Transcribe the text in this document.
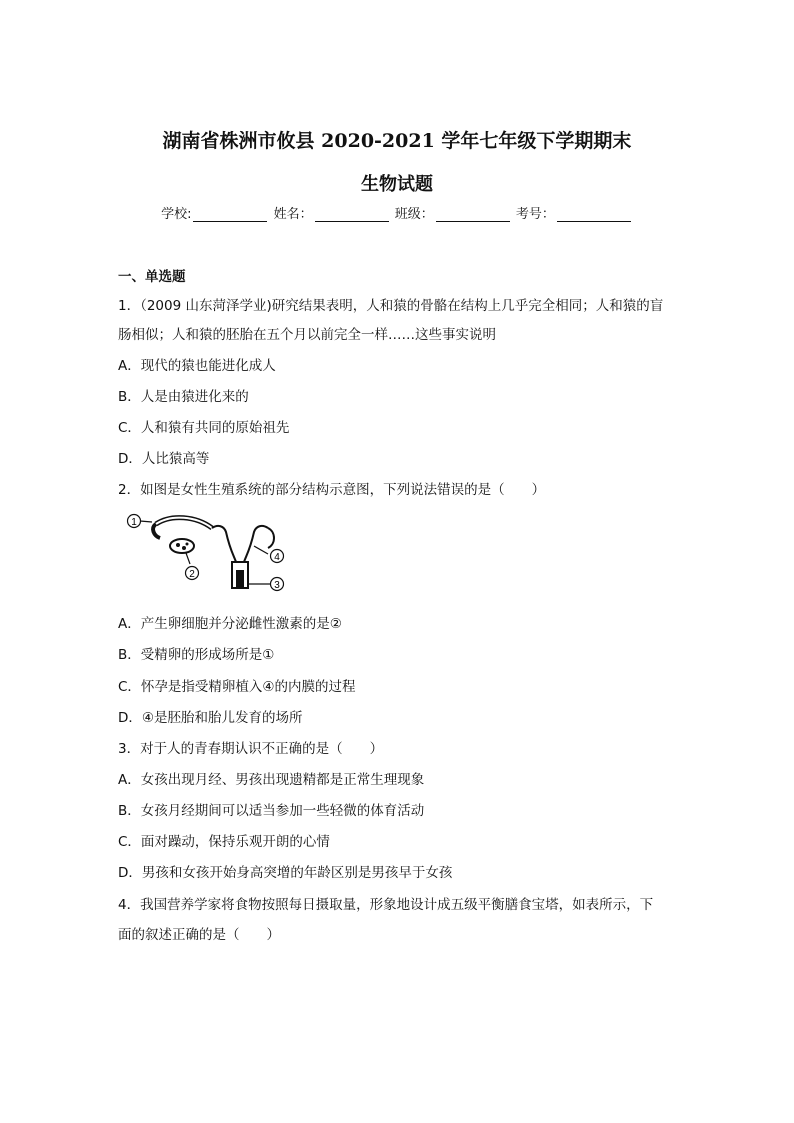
湖南省株洲市攸县 2020-2021 学年七年级下学期期末
生物试题
学校:	姓名：	班级：	考号：
一、单选题
1．（2009 山东菏泽学业)研究结果表明，人和猿的骨骼在结构上几乎完全相同；人和猿的盲
肠相似；人和猿的胚胎在五个月以前完全一样……这些事实说明
A．现代的猿也能进化成人
B．人是由猿进化来的
C．人和猿有共同的原始祖先
D．人比猿高等
2．如图是女性生殖系统的部分结构示意图，下列说法错误的是（　　）
1
2
3
4
A．产生卵细胞并分泌雌性激素的是②
B．受精卵的形成场所是①
C．怀孕是指受精卵植入④的内膜的过程
D．④是胚胎和胎儿发育的场所
3．对于人的青春期认识不正确的是（　　）
A．女孩出现月经、男孩出现遗精都是正常生理现象
B．女孩月经期间可以适当参加一些轻微的体育活动
C．面对躁动，保持乐观开朗的心情
D．男孩和女孩开始身高突增的年龄区别是男孩早于女孩
4．我国营养学家将食物按照每日摄取量，形象地设计成五级平衡膳食宝塔，如表所示，下
面的叙述正确的是（　　）
